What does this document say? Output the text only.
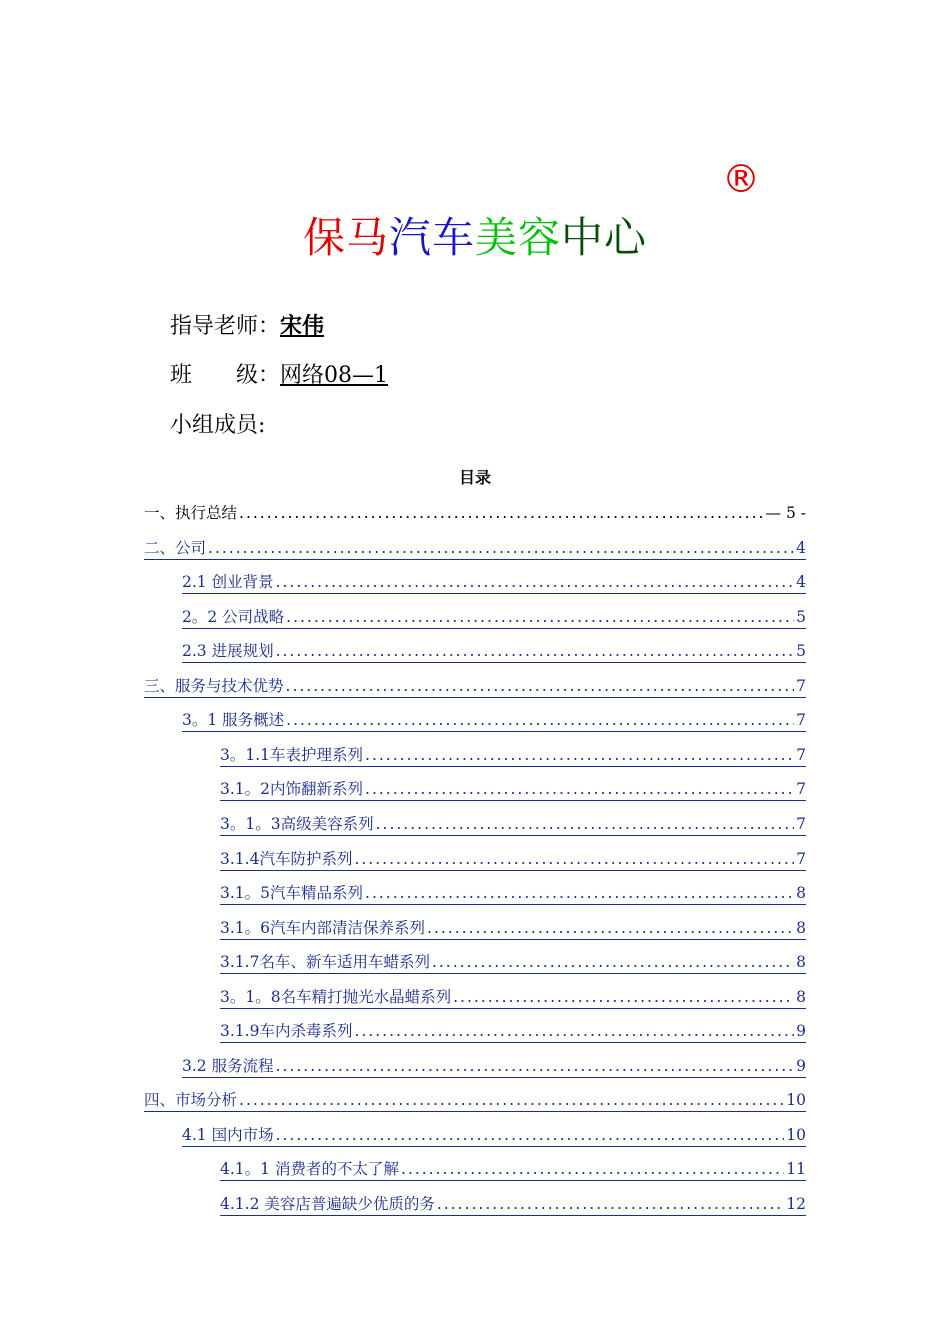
®
保马汽车美容中心
指导老师：宋伟
班　　级：网络08—1
小组成员:
目录
一、执行总结 .....	— 5 -
二、公司 .....	4
2.1 创业背景 .....	4
2。2 公司战略 .....	5
2.3 进展规划 .....	5
三、服务与技术优势 .....	7
3。1 服务概述 .....	7
3。1.1车表护理系列 .....	7
3.1。2内饰翻新系列 .....	7
3。1。3高级美容系列 .....	7
3.1.4汽车防护系列 .....	7
3.1。5汽车精品系列 .....	8
3.1。6汽车内部清洁保养系列 .....	8
3.1.7名车、新车适用车蜡系列 .....	8
3。1。8名车精打抛光水晶蜡系列 .....	8
3.1.9车内杀毒系列 .....	9
3.2 服务流程 .....	9
四、市场分析 .....	10
4.1 国内市场 .....	10
4.1。1 消费者的不太了解 .....	11
4.1.2 美容店普遍缺少优质的务 .....	12
